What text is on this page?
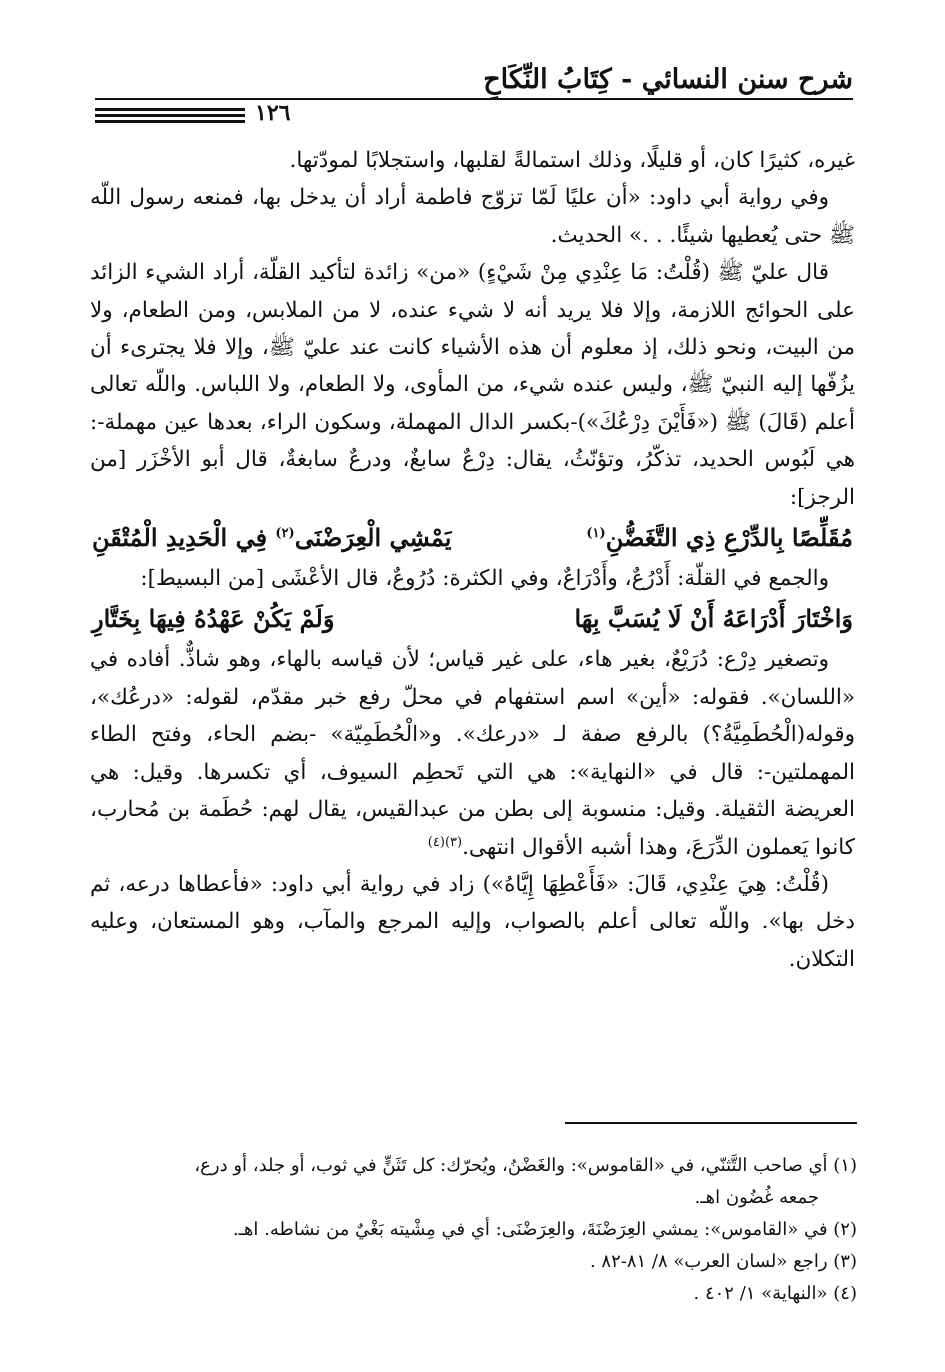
شرح سنن النسائي - كِتَابُ النِّكَاحِ
١٢٦

غيره، كثيرًا كان، أو قليلًا، وذلك استمالةً لقلبها، واستجلابًا لمودّتها.

وفي رواية أبي داود: «أن عليًا لَمّا تزوّج فاطمة أراد أن يدخل بها، فمنعه رسول اللّه ﷺ حتى يُعطيها شيئًا. . .» الحديث.

قال عليّ ﷺ (قُلْتُ: مَا عِنْدِي مِنْ شَيْءٍ) «من» زائدة لتأكيد القلّة، أراد الشيء الزائد على الحوائج اللازمة، وإلا فلا يريد أنه لا شيء عنده، لا من الملابس، ومن الطعام، ولا من البيت، ونحو ذلك، إذ معلوم أن هذه الأشياء كانت عند عليّ ﷺ، وإلا فلا يجترىء أن يزُفّها إليه النبيّ ﷺ، وليس عنده شيء، من المأوى، ولا الطعام، ولا اللباس. واللّه تعالى أعلم (قَالَ) ﷺ («فَأَيْنَ دِرْعُكَ»)-بكسر الدال المهملة، وسكون الراء، بعدها عين مهملة-: هي لَبُوس الحديد، تذكّرُ، وتؤنّثُ، يقال: دِرْعٌ سابغٌ، ودرعٌ سابغةٌ، قال أبو الأخْزَر [من الرجز]:

مُقَلِّصًا بِالدِّرْعِ ذِي التَّغَضُّنِ$^{(١)}$
يَمْشِي الْعِرَضْنَى$^{(٢)}$ فِي الْحَدِيدِ الْمُتْقَنِ

والجمع في القلّة: أَدْرُعٌ، وأَدْرَاعٌ، وفي الكثرة: دُرُوعٌ، قال الأعْشَى [من البسيط]:

وَاخْتَارَ أَدْرَاعَهُ أَنْ لَا يُسَبَّ بِهَا
وَلَمْ يَكُنْ عَهْدُهُ فِيهَا بِخَتَّارِ

وتصغير دِرْع: دُرَيْعٌ، بغير هاء، على غير قياس؛ لأن قياسه بالهاء، وهو شاذٌّ. أفاده في «اللسان». فقوله: «أين» اسم استفهام في محلّ رفع خبر مقدّم، لقوله: «درعُك»، وقوله(الْحُطَمِيَّةُ؟) بالرفع صفة لـ «درعك». و«الْحُطَمِيّة» -بضم الحاء، وفتح الطاء المهملتين-: قال في «النهاية»: هي التي تَحطِم السيوف، أي تكسرها. وقيل: هي العريضة الثقيلة. وقيل: منسوبة إلى بطن من عبدالقيس، يقال لهم: حُطَمة بن مُحارب، كانوا يَعملون الدِّرَعَ، وهذا أشبه الأقوال انتهى.$^{(٣)(٤)}$

(قُلْتُ: هِيَ عِنْدِي، قَالَ: «فَأَعْطِهَا إِيَّاهُ») زاد في رواية أبي داود: «فأعطاها درعه، ثم دخل بها». واللّه تعالى أعلم بالصواب، وإليه المرجع والمآب، وهو المستعان، وعليه التكلان.

(١) أي صاحب التَّثنّي، في «القاموس»: والغَضْنُ، ويُحرّك: كل تَثَنٍّ في ثوب، أو جلد، أو درع،

جمعه غُضُون اهـ.

(٢) في «القاموس»: يمشي العِرَضْنَةَ، والعِرَضْنَى: أي في مِشْيته بَغْيٌ من نشاطه. اهـ.

(٣) راجع «لسان العرب» ٨/ ٨١-٨٢ .

(٤) «النهاية» ١/ ٤٠٢ .
